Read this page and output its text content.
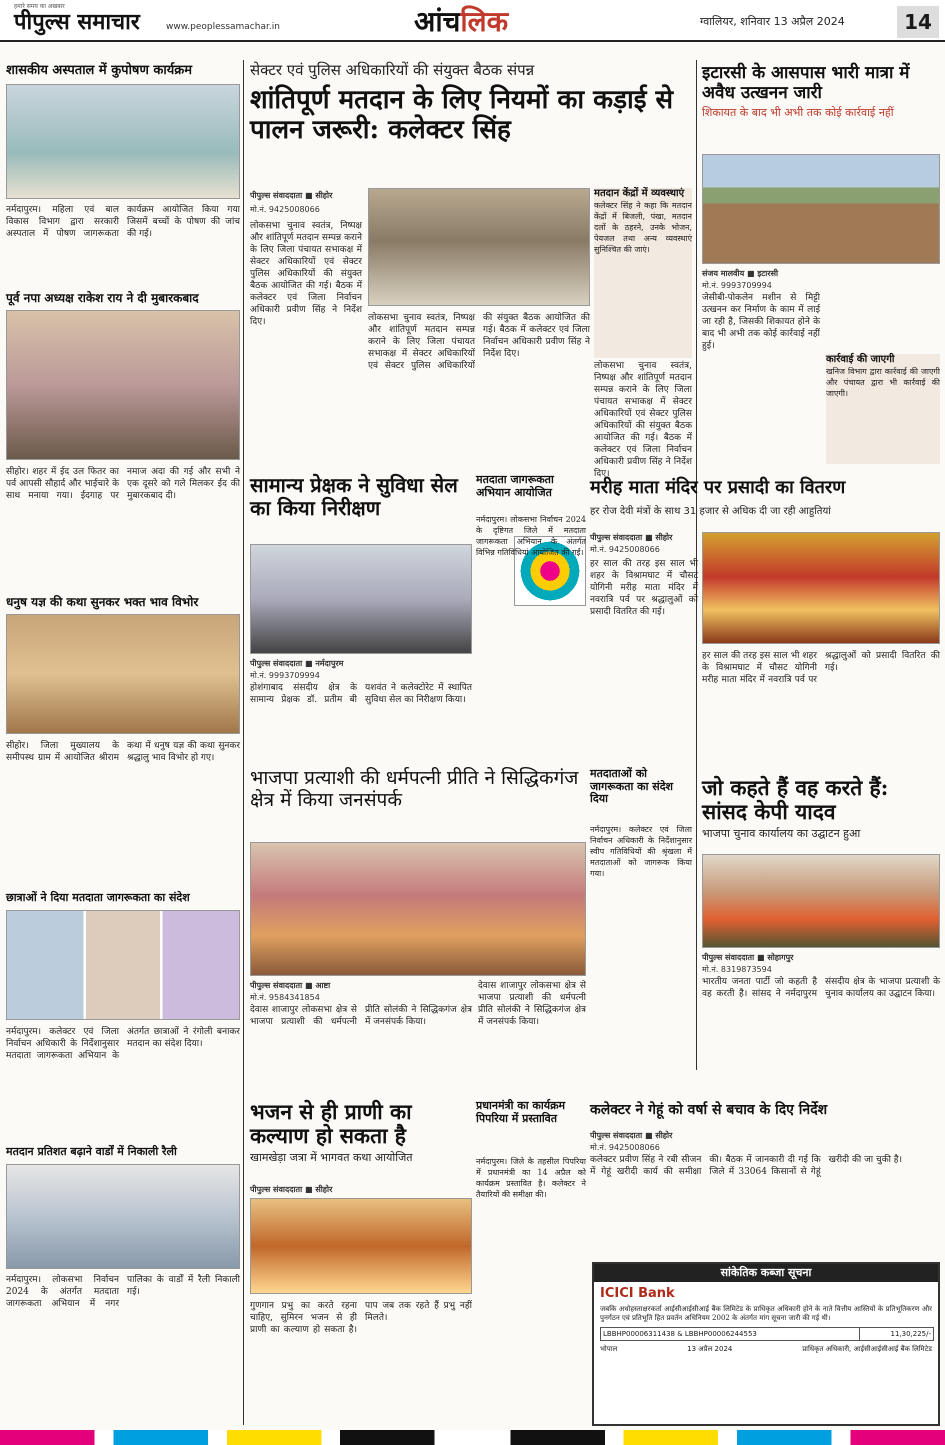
हमारे समय का अखबार
पीपुल्स समाचार	www.peoplessamachar.in	आंचलिक	ग्वालियर, शनिवार 13 अप्रैल 2024	14
शासकीय अस्पताल में कुपोषण कार्यक्रम
नर्मदापुरम। महिला एवं बाल विकास विभाग द्वारा सरकारी अस्पताल में पोषण जागरूकता कार्यक्रम आयोजित किया गया जिसमें बच्चों के पोषण की जांच की गई।
पूर्व नपा अध्यक्ष राकेश राय ने दी मुबारकबाद
सीहोर। शहर में ईद उल फितर का पर्व आपसी सौहार्द और भाईचारे के साथ मनाया गया। ईदगाह पर नमाज अदा की गई और सभी ने एक दूसरे को गले मिलकर ईद की मुबारकबाद दी।
धनुष यज्ञ की कथा सुनकर भक्त भाव विभोर
सीहोर। जिला मुख्यालय के समीपस्थ ग्राम में आयोजित श्रीराम कथा में धनुष यज्ञ की कथा सुनकर श्रद्धालु भाव विभोर हो गए।
छात्राओं ने दिया मतदाता जागरूकता का संदेश
नर्मदापुरम। कलेक्टर एवं जिला निर्वाचन अधिकारी के निर्देशानुसार मतदाता जागरूकता अभियान के अंतर्गत छात्राओं ने रंगोली बनाकर मतदान का संदेश दिया।
मतदान प्रतिशत बढ़ाने वार्डों में निकाली रैली
नर्मदापुरम। लोकसभा निर्वाचन 2024 के अंतर्गत मतदाता जागरूकता अभियान में नगर पालिका के वार्डों में रैली निकाली गई।
सेक्टर एवं पुलिस अधिकारियों की संयुक्त बैठक संपन्न
शांतिपूर्ण मतदान के लिए नियमों का कड़ाई से पालन जरूरी: कलेक्टर सिंह
पीपुल्स संवाददाता ■ सीहोर
मो.नं. 9425008066
लोकसभा चुनाव स्वतंत्र, निष्पक्ष और शांतिपूर्ण मतदान सम्पन्न कराने के लिए जिला पंचायत सभाकक्ष में सेक्टर अधिकारियों एवं सेक्टर पुलिस अधिकारियों की संयुक्त बैठक आयोजित की गई। बैठक में कलेक्टर एवं जिला निर्वाचन अधिकारी प्रवीण सिंह ने निर्देश दिए।	लोकसभा चुनाव स्वतंत्र, निष्पक्ष और शांतिपूर्ण मतदान सम्पन्न कराने के लिए जिला पंचायत सभाकक्ष में सेक्टर अधिकारियों एवं सेक्टर पुलिस अधिकारियों की संयुक्त बैठक आयोजित की गई। बैठक में कलेक्टर एवं जिला निर्वाचन अधिकारी प्रवीण सिंह ने निर्देश दिए।
मतदान केंद्रों में व्यवस्थाएं
कलेक्टर सिंह ने कहा कि मतदान केंद्रों में बिजली, पंखा, मतदान दलों के ठहरने, उनके भोजन, पेयजल तथा अन्य व्यवस्थाएं सुनिश्चित की जाएं।
लोकसभा चुनाव स्वतंत्र, निष्पक्ष और शांतिपूर्ण मतदान सम्पन्न कराने के लिए जिला पंचायत सभाकक्ष में सेक्टर अधिकारियों एवं सेक्टर पुलिस अधिकारियों की संयुक्त बैठक आयोजित की गई। बैठक में कलेक्टर एवं जिला निर्वाचन अधिकारी प्रवीण सिंह ने निर्देश दिए।
सामान्य प्रेक्षक ने सुविधा सेल का किया निरीक्षण
पीपुल्स संवाददाता ■ नर्मदापुरम
मो.नं. 9993709994
होशंगाबाद संसदीय क्षेत्र के सामान्य प्रेक्षक डॉ. प्रतीम बी यशवंत ने कलेक्टोरेट में स्थापित सुविधा सेल का निरीक्षण किया।
मतदाता जागरूकता अभियान आयोजित
नर्मदापुरम। लोकसभा निर्वाचन 2024 के दृष्टिगत जिले में मतदाता जागरूकता अभियान के अंतर्गत विभिन्न गतिविधियां आयोजित की गईं।
भाजपा प्रत्याशी की धर्मपत्नी प्रीति ने सिद्धिकगंज क्षेत्र में किया जनसंपर्क
पीपुल्स संवाददाता ■ आष्टा
मो.नं. 9584341854
देवास शाजापुर लोकसभा क्षेत्र से भाजपा प्रत्याशी की धर्मपत्नी प्रीति सोलंकी ने सिद्धिकगंज क्षेत्र में जनसंपर्क किया।
देवास शाजापुर लोकसभा क्षेत्र से भाजपा प्रत्याशी की धर्मपत्नी प्रीति सोलंकी ने सिद्धिकगंज क्षेत्र में जनसंपर्क किया।
मतदाताओं को जागरूकता का संदेश दिया
नर्मदापुरम। कलेक्टर एवं जिला निर्वाचन अधिकारी के निर्देशानुसार स्वीप गतिविधियों की श्रृंखला में मतदाताओं को जागरूक किया गया।
भजन से ही प्राणी का कल्याण हो सकता है
खामखेड़ा जत्रा में भागवत कथा आयोजित
पीपुल्स संवाददाता ■ सीहोर
गुणगान प्रभु का करते रहना चाहिए, सुमिरन भजन से ही प्राणी का कल्याण हो सकता है। पाप जब तक रहते हैं प्रभु नहीं मिलते।
प्रधानमंत्री का कार्यक्रम पिपरिया में प्रस्तावित
नर्मदापुरम। जिले के तहसील पिपरिया में प्रधानमंत्री का 14 अप्रैल को कार्यक्रम प्रस्तावित है। कलेक्टर ने तैयारियों की समीक्षा की।
इटारसी के आसपास भारी मात्रा में अवैध उत्खनन जारी
शिकायत के बाद भी अभी तक कोई कार्रवाई नहीं
संजय मालवीय ■ इटारसी
मो.नं. 9993709994
जेसीबी-पोकलेन मशीन से मिट्टी उत्खनन कर निर्माण के काम में लाई जा रही है, जिसकी शिकायत होने के बाद भी अभी तक कोई कार्रवाई नहीं हुई।
कार्रवाई की जाएगी
खनिज विभाग द्वारा कार्रवाई की जाएगी और पंचायत द्वारा भी कार्रवाई की जाएगी।
मरीह माता मंदिर पर प्रसादी का वितरण
हर रोज देवी मंत्रों के साथ 31 हजार से अधिक दी जा रही आहुतियां
पीपुल्स संवाददाता ■ सीहोर
मो.नं. 9425008066
हर साल की तरह इस साल भी शहर के विश्रामघाट में चौसट योगिनी मरीह माता मंदिर में नवरात्रि पर्व पर श्रद्धालुओं को प्रसादी वितरित की गई।
हर साल की तरह इस साल भी शहर के विश्रामघाट में चौसट योगिनी मरीह माता मंदिर में नवरात्रि पर्व पर श्रद्धालुओं को प्रसादी वितरित की गई।
जो कहते हैं वह करते हैं: सांसद केपी यादव
भाजपा चुनाव कार्यालय का उद्घाटन हुआ
पीपुल्स संवाददाता ■ सोहागपुर
मो.नं. 8319873594
भारतीय जनता पार्टी जो कहती है वह करती है। सांसद ने नर्मदापुरम संसदीय क्षेत्र के भाजपा प्रत्याशी के चुनाव कार्यालय का उद्घाटन किया।
कलेक्टर ने गेहूं को वर्षा से बचाव के दिए निर्देश
पीपुल्स संवाददाता ■ सीहोर
मो.नं. 9425008066
कलेक्टर प्रवीण सिंह ने रबी सीजन में गेहूं खरीदी कार्य की समीक्षा की। बैठक में जानकारी दी गई कि जिले में 33064 किसानों से गेहूं खरीदी की जा चुकी है।
सांकेतिक कब्जा सूचना
ICICI Bank
जबकि अधोहस्ताक्षरकर्ता आईसीआईसीआई बैंक लिमिटेड के प्राधिकृत अधिकारी होने के नाते वित्तीय आस्तियों के प्रतिभूतिकरण और पुनर्गठन एवं प्रतिभूति हित प्रवर्तन अधिनियम 2002 के अंतर्गत मांग सूचना जारी की गई थी।
LBBHP00006311438 & LBBHP00006244553	11,30,225/-
भोपाल	13 अप्रैल 2024	प्राधिकृत अधिकारी, आईसीआईसीआई बैंक लिमिटेड
